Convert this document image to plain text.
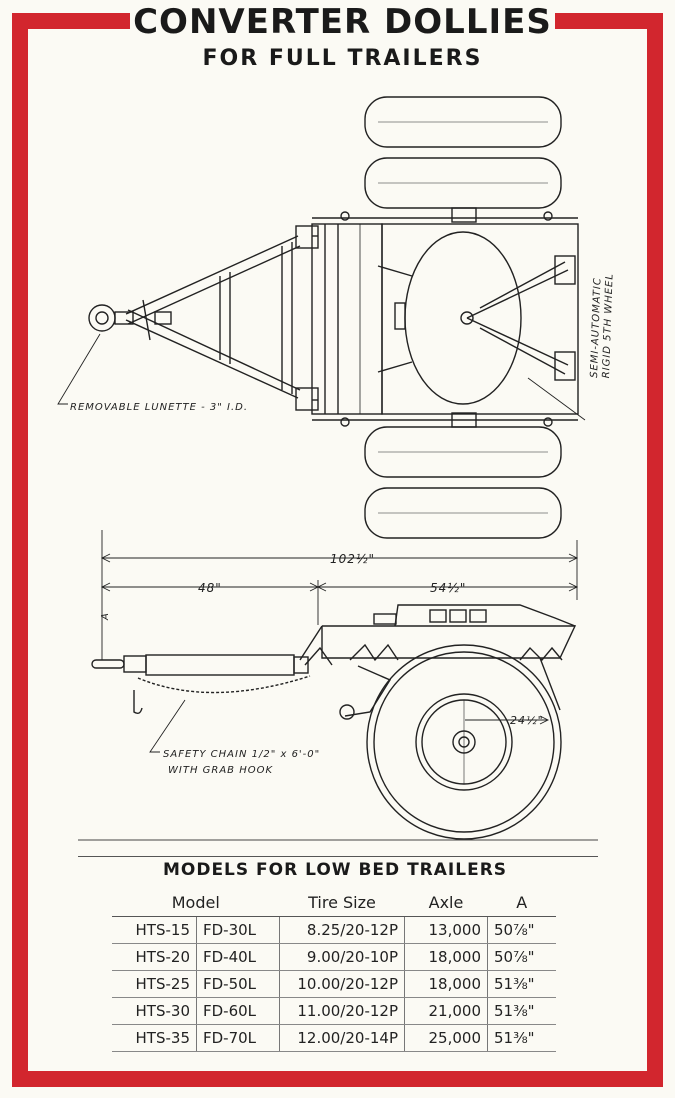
CONVERTER DOLLIES
FOR FULL TRAILERS
REMOVABLE LUNETTE - 3" I.D.
SEMI-AUTOMATIC
RIGID 5TH WHEEL
SAFETY CHAIN 1/2" x 6'-0"
WITH GRAB HOOK
102½"
48"	54½"
24½"
A
MODELS FOR LOW BED TRAILERS
Model		Tire Size	Axle	A
HTS-15	FD-30L	8.25/20-12P	13,000	50⅞"
HTS-20	FD-40L	9.00/20-10P	18,000	50⅞"
HTS-25	FD-50L	10.00/20-12P	18,000	51⅜"
HTS-30	FD-60L	11.00/20-12P	21,000	51⅜"
HTS-35	FD-70L	12.00/20-14P	25,000	51⅜"
